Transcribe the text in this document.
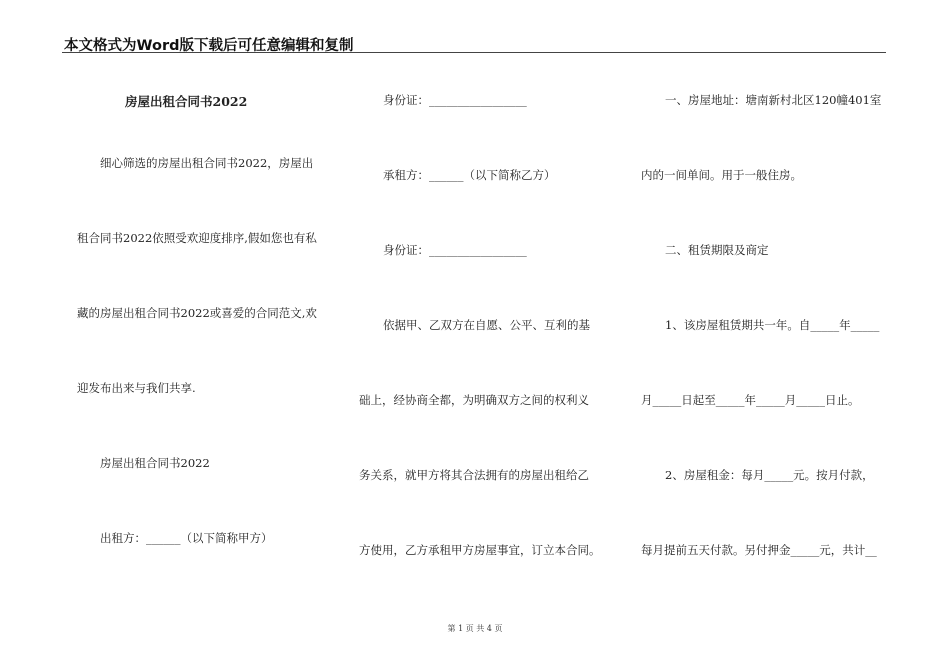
本文格式为Word版下载后可任意编辑和复制
房屋出租合同书2022
细心筛选的房屋出租合同书2022，房屋出
租合同书2022依照受欢迎度排序,假如您也有私
藏的房屋出租合同书2022或喜爱的合同范文,欢
迎发布出来与我们共享.
房屋出租合同书2022
出租方：______（以下简称甲方）
身份证：_________________
承租方：______（以下简称乙方）
身份证：_________________
依据甲、乙双方在自愿、公平、互利的基
础上，经协商全都，为明确双方之间的权利义
务关系，就甲方将其合法拥有的房屋出租给乙
方使用，乙方承租甲方房屋事宜，订立本合同。
一、房屋地址：塘南新村北区120幢401室
内的一间单间。用于一般住房。
二、租赁期限及商定
1、该房屋租赁期共一年。自_____年_____
月_____日起至_____年_____月_____日止。
2、房屋租金：每月_____元。按月付款，
每月提前五天付款。另付押金_____元，共计__
第 1 页 共 4 页
